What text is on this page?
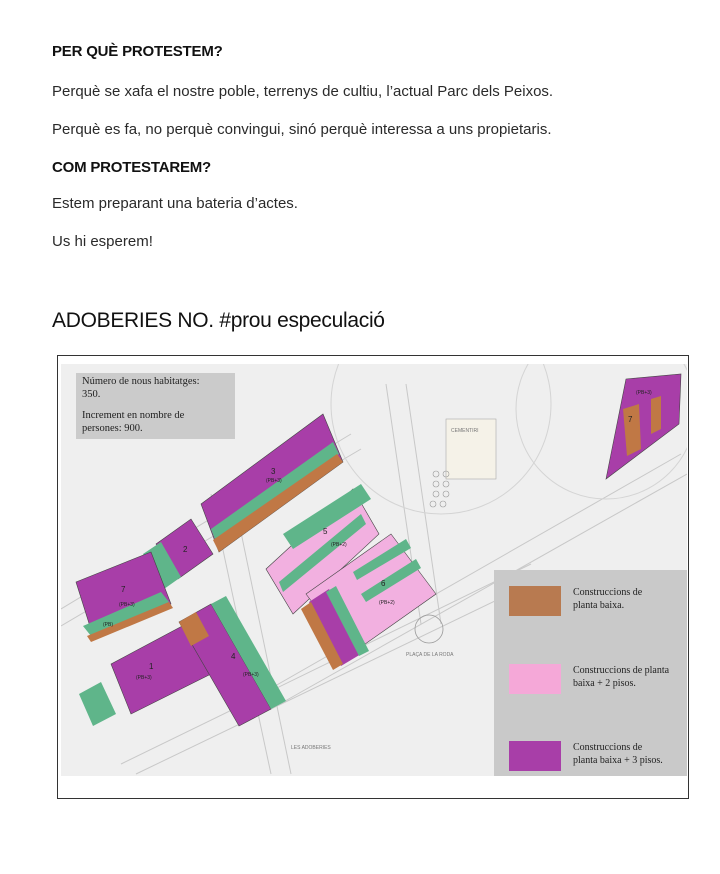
PER QUÈ PROTESTEM?
Perquè se xafa el nostre poble, terrenys de cultiu, l’actual Parc dels Peixos.
Perquè es fa, no perquè convingui, sinó perquè interessa a uns propietaris.
COM PROTESTAREM?
Estem preparant una bateria d’actes.
Us hi esperem!
ADOBERIES NO. #prou especulació
CEMENTIRI
PLAÇA DE LA RODA
LES ADOBERIES
3
2
7
1
4
5
6
7
(PB+3)
(PB+3)
(PB+2)
(PB+2)
(PB+3)	(PB+3)
(PB+3)
(PB)
Número de nous habitatges:
350.
Increment en nombre de
persones: 900.
Construccions de
planta baixa.
Construccions de planta
baixa + 2 pisos.
Construccions de
planta baixa + 3 pisos.
